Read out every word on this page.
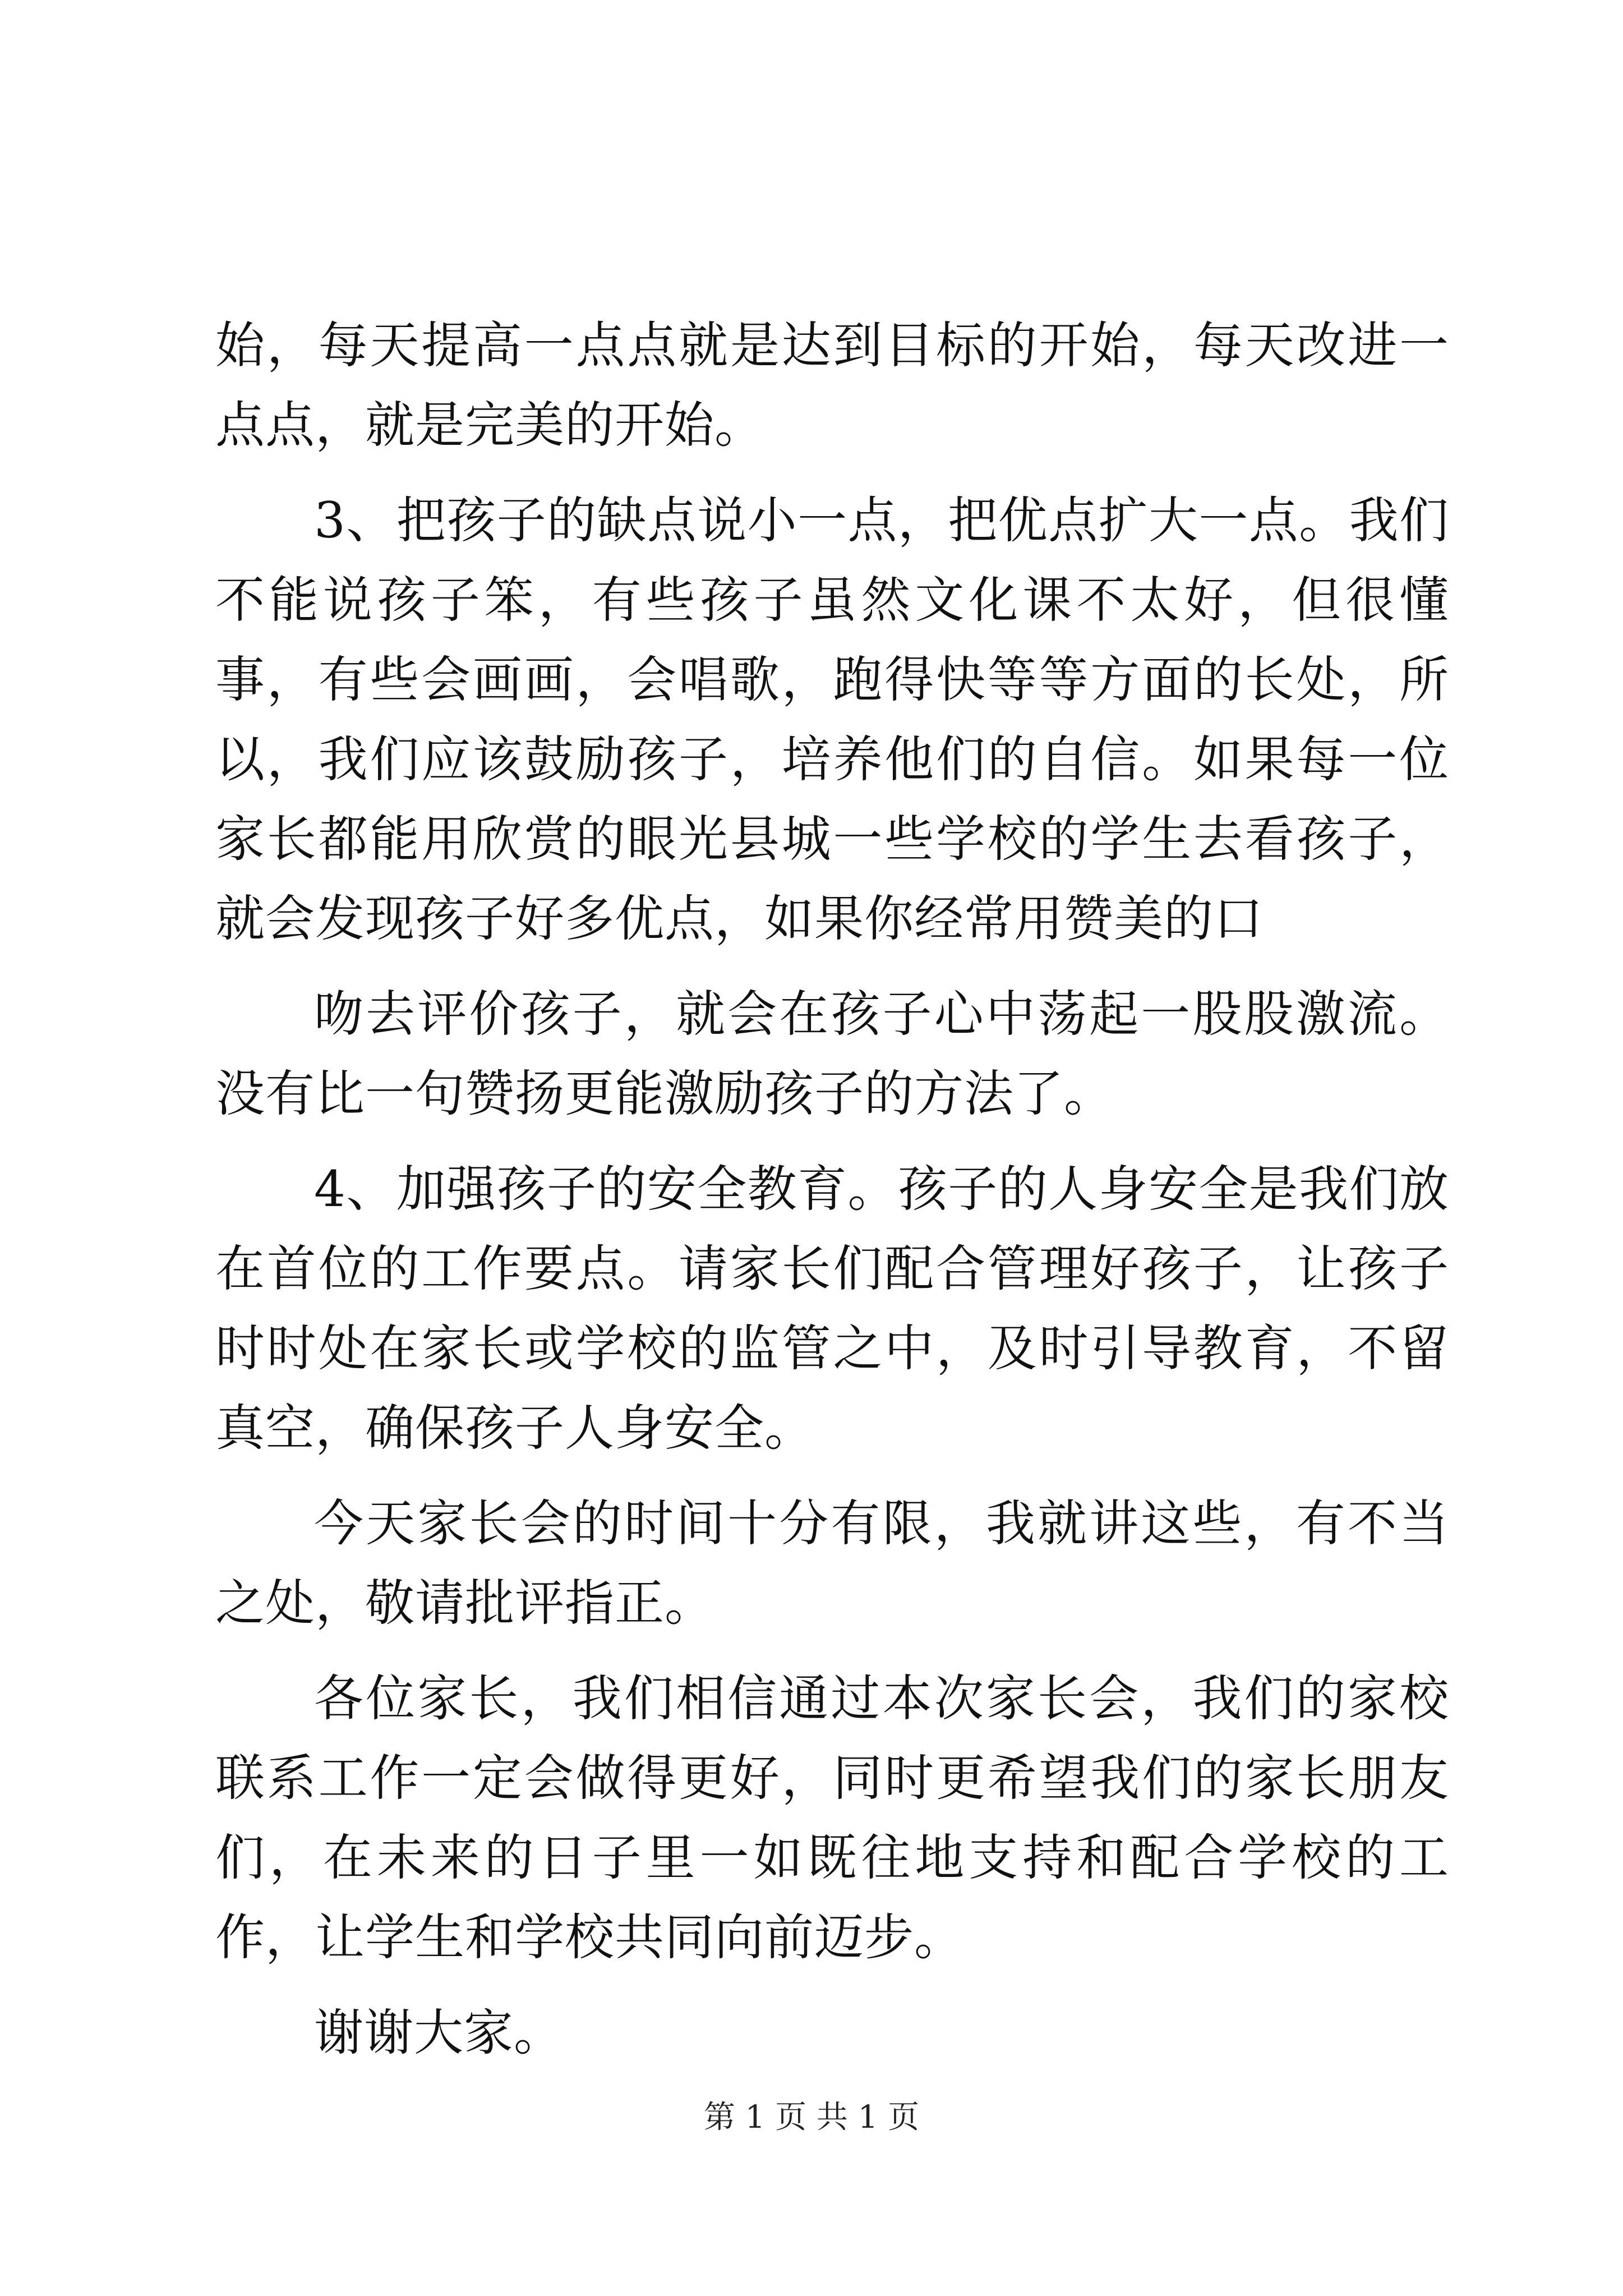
始，每天提高一点点就是达到目标的开始，每天改进一点点，就是完美的开始。

3、把孩子的缺点说小一点，把优点扩大一点。我们不能说孩子笨，有些孩子虽然文化课不太好，但很懂事，有些会画画，会唱歌，跑得快等等方面的长处，所以，我们应该鼓励孩子，培养他们的自信。如果每一位家长都能用欣赏的眼光县城一些学校的学生去看孩子，就会发现孩子好多优点，如果你经常用赞美的口

吻去评价孩子，就会在孩子心中荡起一股股激流。没有比一句赞扬更能激励孩子的方法了。

4、加强孩子的安全教育。孩子的人身安全是我们放在首位的工作要点。请家长们配合管理好孩子，让孩子时时处在家长或学校的监管之中，及时引导教育，不留真空，确保孩子人身安全。

今天家长会的时间十分有限，我就讲这些，有不当之处，敬请批评指正。

各位家长，我们相信通过本次家长会，我们的家校联系工作一定会做得更好，同时更希望我们的家长朋友们，在未来的日子里一如既往地支持和配合学校的工作，让学生和学校共同向前迈步。

谢谢大家。

第 1 页 共 1 页
